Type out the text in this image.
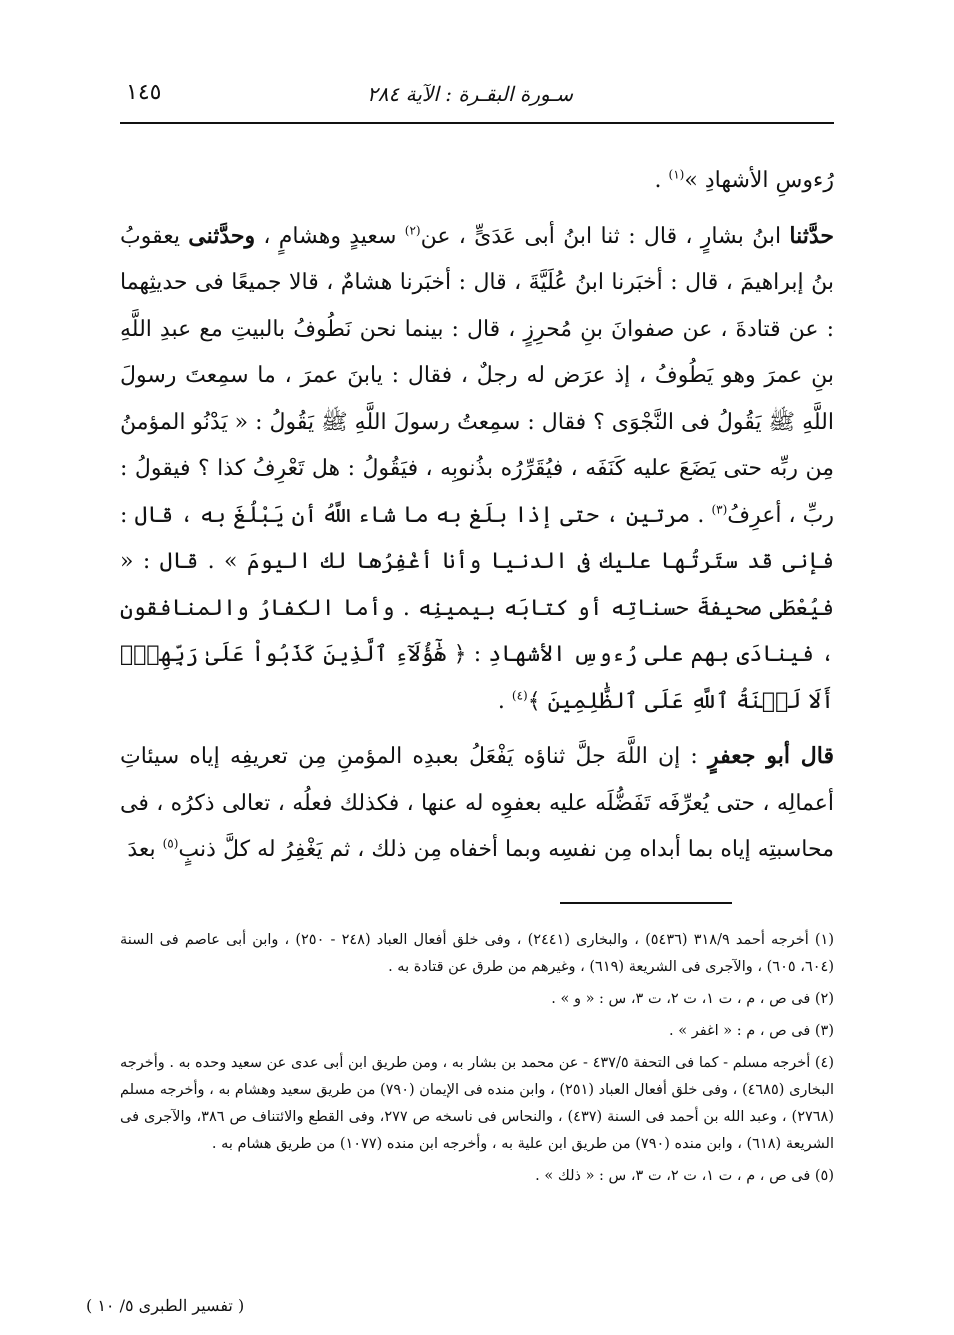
١٤٥	سـورة البقـرة : الآية ٢٨٤

رُءوسِ الأشهادِ »$^{(١)}$ .

حدَّثنا ابنُ بشارٍ ، قال : ثنا ابنُ أبى عَدَىٍّ ، عن$^{(٢)}$ سعيدٍ وهشامٍ ، وحدَّثنى يعقوبُ بنُ إبراهيمَ ، قال : أخبَرنا ابنُ عُلَيَّةَ ، قال : أخبَرنا هشامٌ ، قالا جميعًا فى حديثِهما : عن قتادةَ ، عن صفوانَ بنِ مُحرِزٍ ، قال : بينما نحن نَطُوفُ بالبيتِ مع عبدِ اللَّهِ بنِ عمرَ وهو يَطُوفُ ، إذ عرَض له رجلٌ ، فقال : يابنَ عمرَ ، ما سمِعتَ رسولَ اللَّهِ ﷺ يَقُولُ فى النَّجْوَى ؟ فقال : سمِعتُ رسولَ اللَّهِ ﷺ يَقُولُ : « يَدْنُو المؤمنُ مِن ربِّه حتى يَضَعَ عليه كَنَفَه ، فيُقَرِّرُه بذُنوبِه ، فيَقُولُ : هل تَعْرِفُ كذا ؟ فيقولُ : ربِّ ، أعرِفُ$^{(٣)}$ . مرتين ، حتى إذا بلَغ به ما شاء اللَّهُ أن يَبْلُغَ به ، قال : فإنى قد ستَرتُها عليك فى الدنيا وأنا أغْفِرُها لك اليومَ » . قال : « فيُعْطَى صحيفةَ حسناتِه أو كتابَه بيمينِه . وأما الكفارُ والمنافقون ، فينادَى بهم على رُءوسِ الأشهادِ : ﴿ هَٰٓؤُلَآءِ ٱلَّذِينَ كَذَبُواْ عَلَىٰ رَبِّهِمْۚ أَلَا لَعۡنَةُ ٱللَّهِ عَلَى ٱلظَّٰلِمِينَ ﴾$^{(٤)}$ .

قال أبو جعفرٍ : إن اللَّهَ جلَّ ثناؤه يَفْعَلُ بعبدِه المؤمنِ مِن تعريفِه إياه سيئاتِ أعمالِه ، حتى يُعرِّفَه تَفَضُّلَه عليه بعفوِه له عنها ، فكذلك فعلُه ، تعالى ذكرُه ، فى محاسبتِه إياه بما أبداه مِن نفسِه وبما أخفاه مِن ذلك ، ثم يَغْفِرُ له كلَّ ذنبٍ$^{(٥)}$ بعدَ

(١) أخرجه أحمد ٣١٨/٩ (٥٤٣٦) ، والبخارى (٢٤٤١) ، وفى خلق أفعال العباد (٢٤٨ - ٢٥٠) ، وابن أبى عاصم فى السنة (٦٠٤، ٦٠٥) ، والآجرى فى الشريعة (٦١٩) ، وغيرهم من طرق عن قتادة به .

(٢) فى ص ، م ، ت ١، ت ٢، ت ٣، س : « و » .

(٣) فى ص ، م : « اغفر » .

(٤) أخرجه مسلم - كما فى التحفة ٤٣٧/٥ - عن محمد بن بشار به ، ومن طريق ابن أبى عدى عن سعيد وحده به . وأخرجه البخارى (٤٦٨٥) ، وفى خلق أفعال العباد (٢٥١) ، وابن منده فى الإيمان (٧٩٠) من طريق سعيد وهشام به ، وأخرجه مسلم (٢٧٦٨) ، وعبد الله بن أحمد فى السنة (٤٣٧) ، والنحاس فى ناسخه ص ٢٧٧، وفى القطع والائتناف ص ٣٨٦، والآجرى فى الشريعة (٦١٨) ، وابن منده (٧٩٠) من طريق ابن علية به ، وأخرجه ابن منده (١٠٧٧) من طريق هشام به .

(٥) فى ص ، م ، ت ١، ت ٢، ت ٣، س : « ذلك » .

( تفسير الطبرى ٥/ ١٠ )
